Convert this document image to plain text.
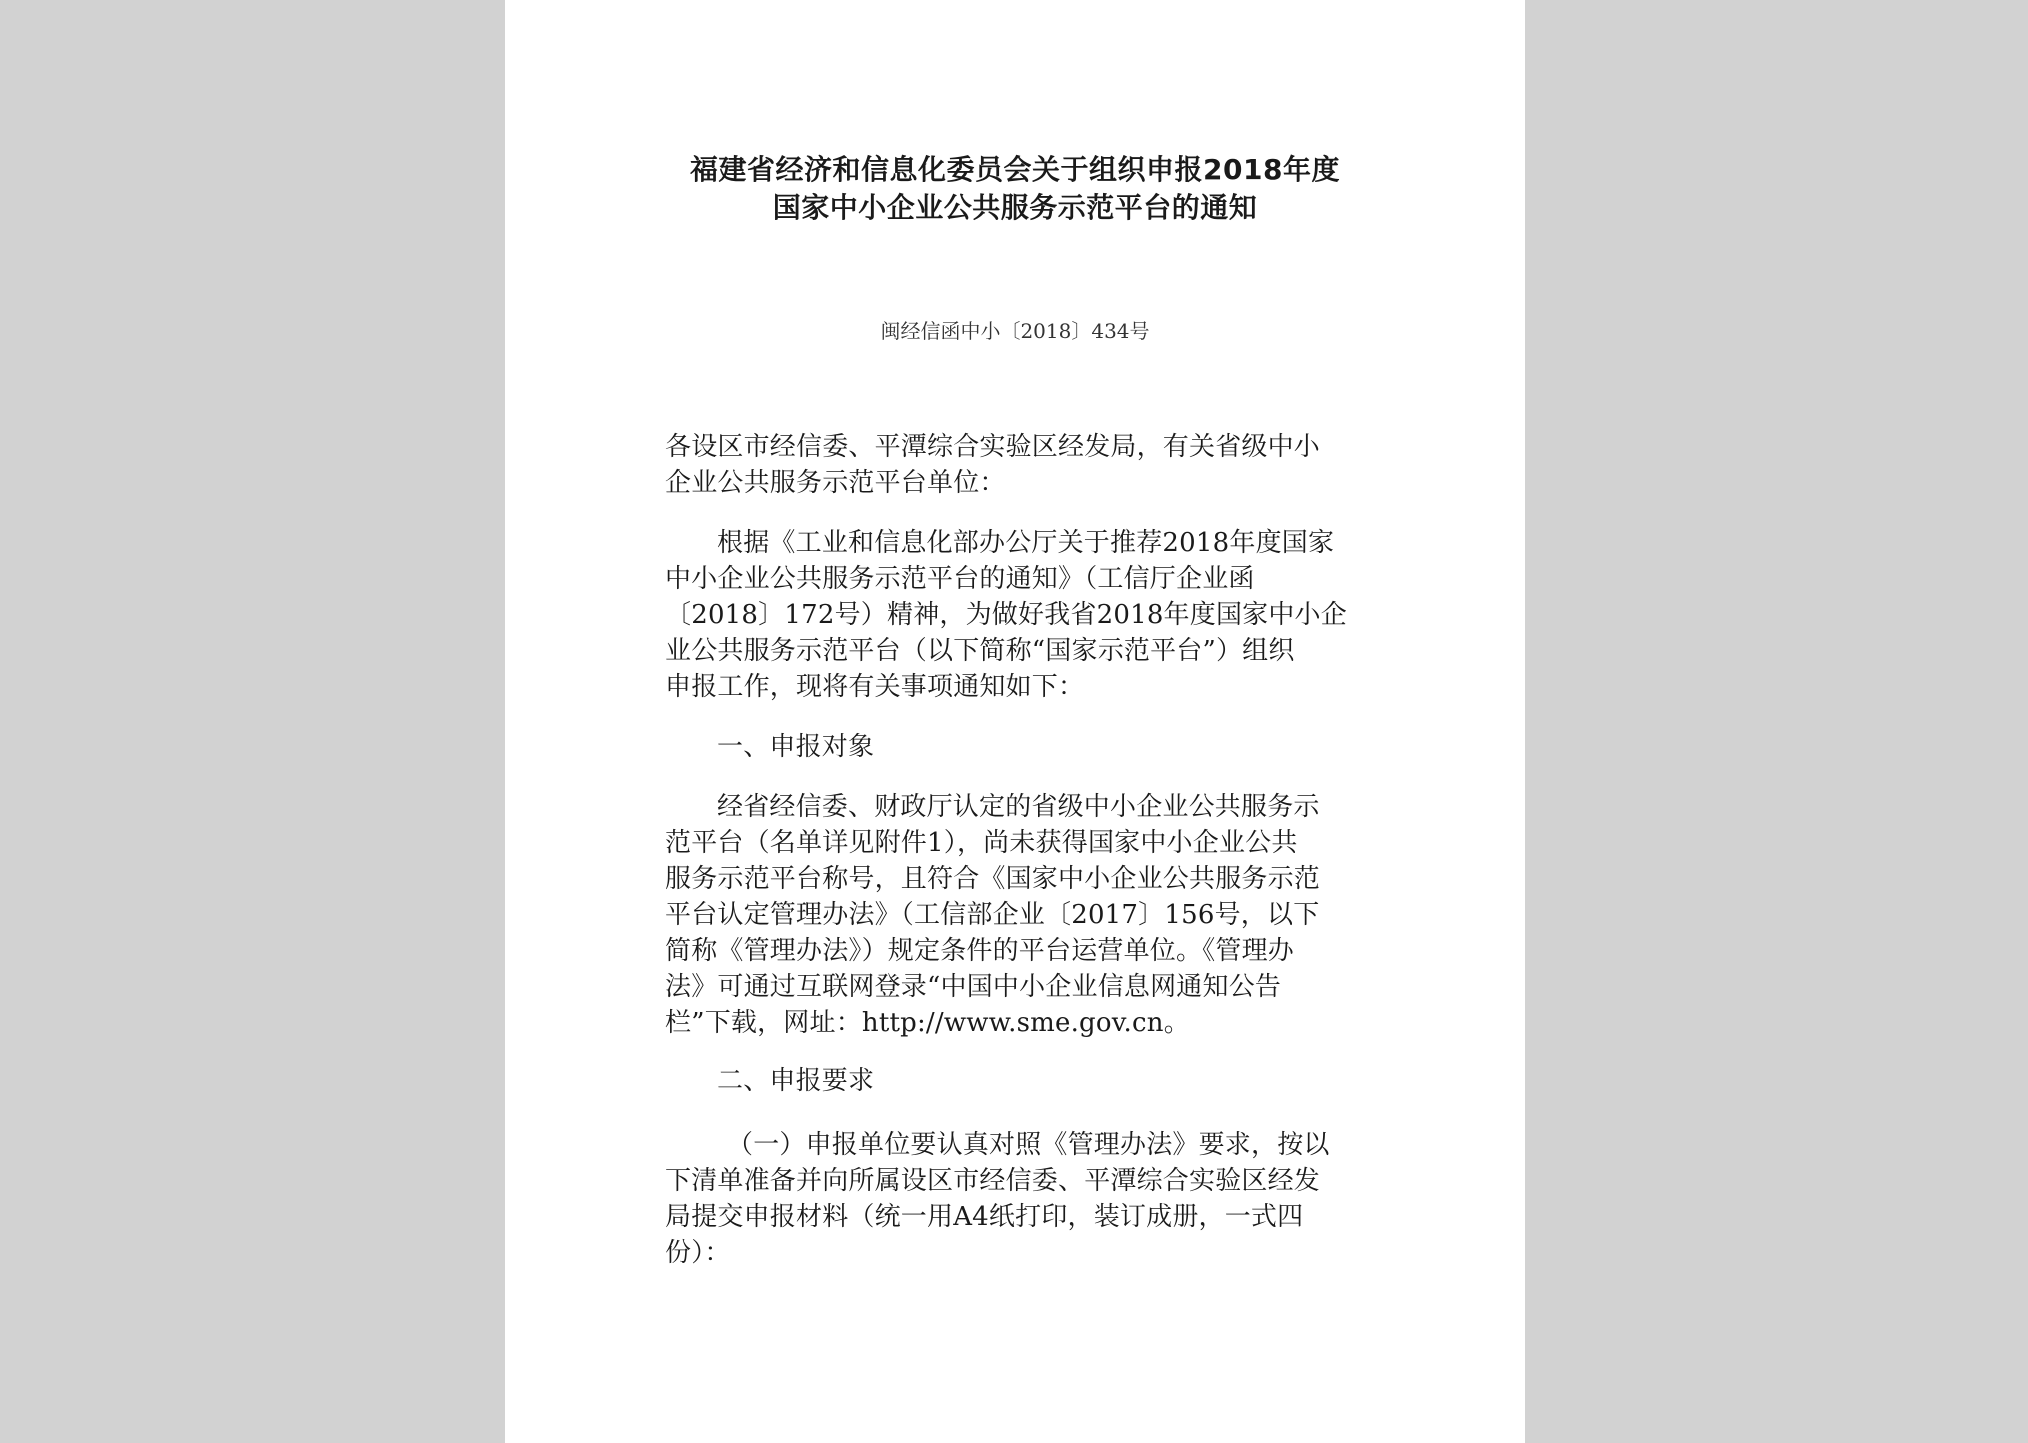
福建省经济和信息化委员会关于组织申报2018年度
国家中小企业公共服务示范平台的通知
闽经信函中小〔2018〕434号
各设区市经信委、平潭综合实验区经发局，有关省级中小
企业公共服务示范平台单位：
根据《工业和信息化部办公厅关于推荐2018年度国家
中小企业公共服务示范平台的通知》（工信厅企业函
〔2018〕172号）精神，为做好我省2018年度国家中小企
业公共服务示范平台（以下简称“国家示范平台”）组织
申报工作，现将有关事项通知如下：
一、申报对象
经省经信委、财政厅认定的省级中小企业公共服务示
范平台（名单详见附件1），尚未获得国家中小企业公共
服务示范平台称号，且符合《国家中小企业公共服务示范
平台认定管理办法》（工信部企业〔2017〕156号，以下
简称《管理办法》）规定条件的平台运营单位。《管理办
法》可通过互联网登录“中国中小企业信息网通知公告
栏”下载，网址：http://www.sme.gov.cn。
二、申报要求
（一）申报单位要认真对照《管理办法》要求，按以
下清单准备并向所属设区市经信委、平潭综合实验区经发
局提交申报材料（统一用A4纸打印，装订成册，一式四
份）：
